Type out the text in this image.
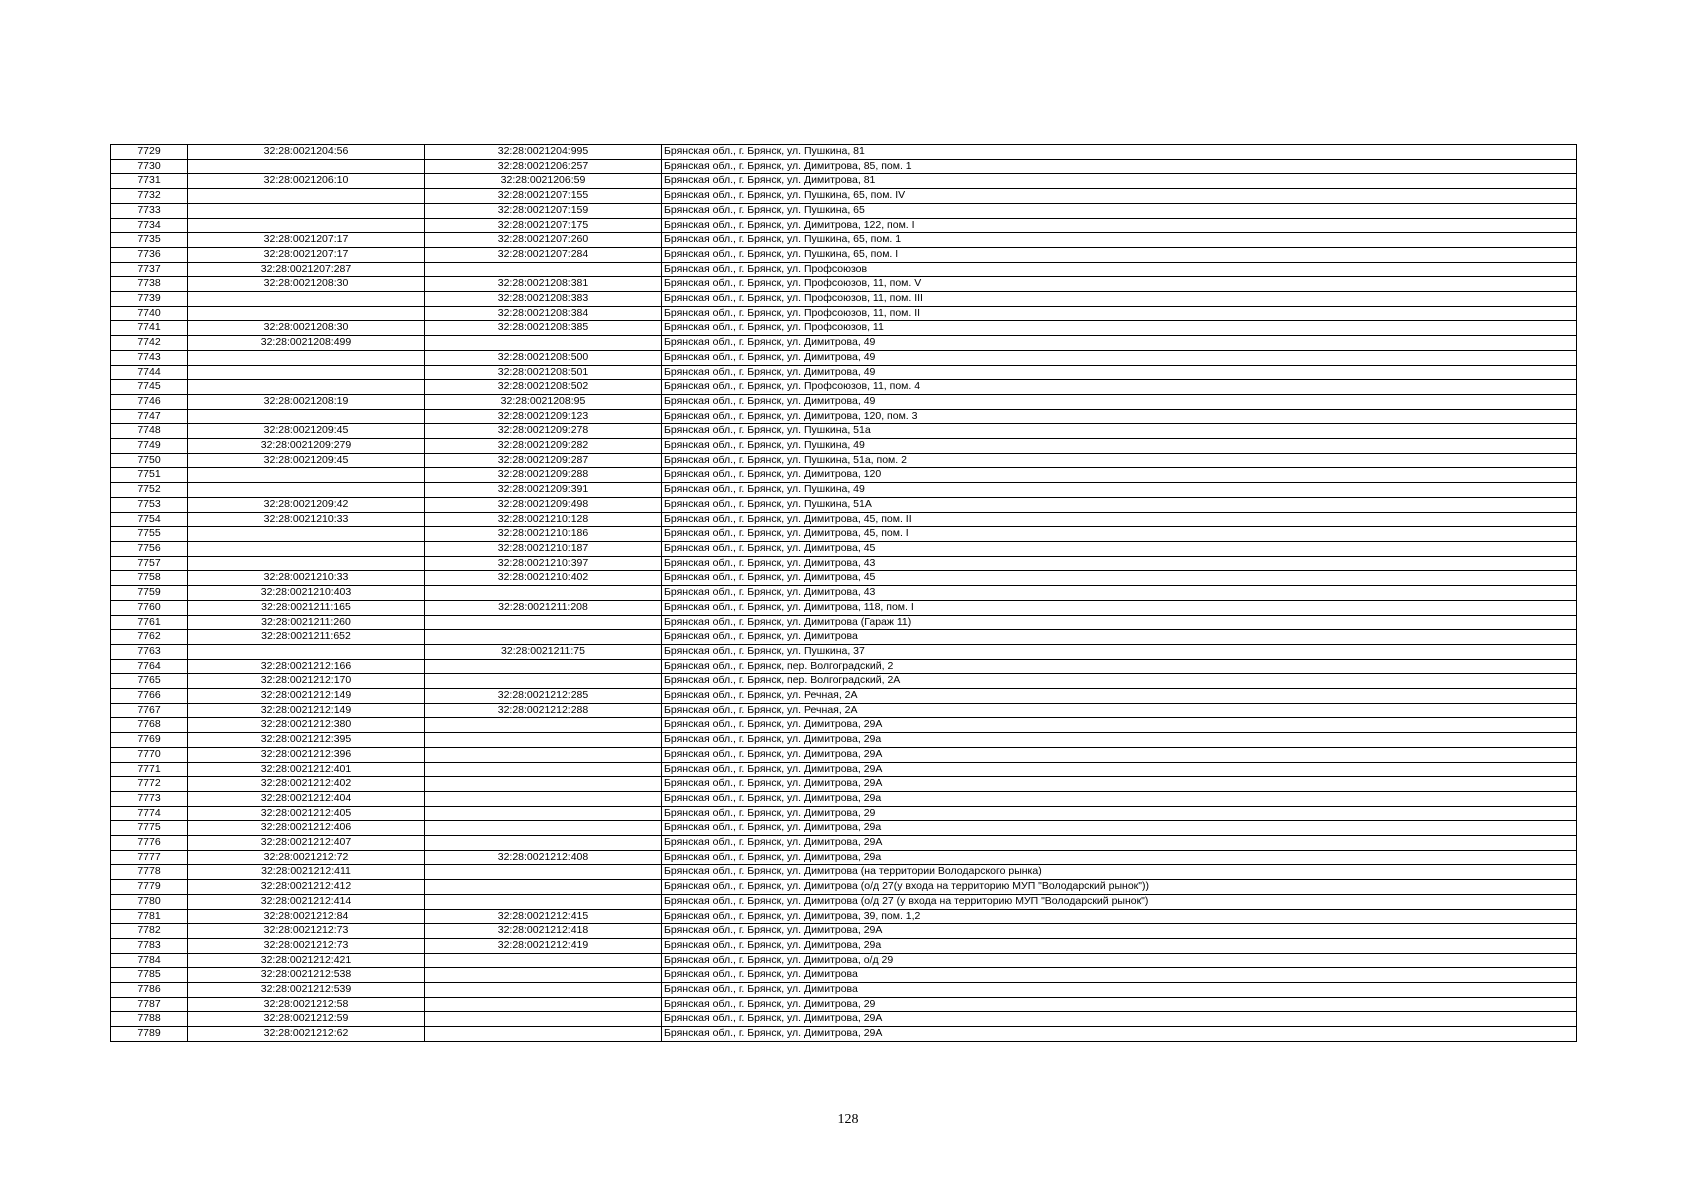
7729	32:28:0021204:56	32:28:0021204:995	Брянская обл., г. Брянск, ул. Пушкина, 81
7730		32:28:0021206:257	Брянская обл., г. Брянск, ул. Димитрова, 85, пом. 1
7731	32:28:0021206:10	32:28:0021206:59	Брянская обл., г. Брянск, ул. Димитрова, 81
7732		32:28:0021207:155	Брянская обл., г. Брянск, ул. Пушкина, 65, пом. IV
7733		32:28:0021207:159	Брянская обл., г. Брянск, ул. Пушкина, 65
7734		32:28:0021207:175	Брянская обл., г. Брянск, ул. Димитрова, 122, пом. I
7735	32:28:0021207:17	32:28:0021207:260	Брянская обл., г. Брянск, ул. Пушкина, 65, пом. 1
7736	32:28:0021207:17	32:28:0021207:284	Брянская обл., г. Брянск, ул. Пушкина, 65, пом. I
7737	32:28:0021207:287		Брянская обл., г. Брянск, ул. Профсоюзов
7738	32:28:0021208:30	32:28:0021208:381	Брянская обл., г. Брянск, ул. Профсоюзов, 11, пом. V
7739		32:28:0021208:383	Брянская обл., г. Брянск, ул. Профсоюзов, 11, пом. III
7740		32:28:0021208:384	Брянская обл., г. Брянск, ул. Профсоюзов, 11, пом. II
7741	32:28:0021208:30	32:28:0021208:385	Брянская обл., г. Брянск, ул. Профсоюзов, 11
7742	32:28:0021208:499		Брянская обл., г. Брянск, ул. Димитрова, 49
7743		32:28:0021208:500	Брянская обл., г. Брянск, ул. Димитрова, 49
7744		32:28:0021208:501	Брянская обл., г. Брянск, ул. Димитрова, 49
7745		32:28:0021208:502	Брянская обл., г. Брянск, ул. Профсоюзов, 11, пом. 4
7746	32:28:0021208:19	32:28:0021208:95	Брянская обл., г. Брянск, ул. Димитрова, 49
7747		32:28:0021209:123	Брянская обл., г. Брянск, ул. Димитрова, 120, пом. 3
7748	32:28:0021209:45	32:28:0021209:278	Брянская обл., г. Брянск, ул. Пушкина, 51а
7749	32:28:0021209:279	32:28:0021209:282	Брянская обл., г. Брянск, ул. Пушкина, 49
7750	32:28:0021209:45	32:28:0021209:287	Брянская обл., г. Брянск, ул. Пушкина, 51а, пом. 2
7751		32:28:0021209:288	Брянская обл., г. Брянск, ул. Димитрова, 120
7752		32:28:0021209:391	Брянская обл., г. Брянск, ул. Пушкина, 49
7753	32:28:0021209:42	32:28:0021209:498	Брянская обл., г. Брянск, ул. Пушкина, 51А
7754	32:28:0021210:33	32:28:0021210:128	Брянская обл., г. Брянск, ул. Димитрова, 45, пом. II
7755		32:28:0021210:186	Брянская обл., г. Брянск, ул. Димитрова, 45, пом. I
7756		32:28:0021210:187	Брянская обл., г. Брянск, ул. Димитрова, 45
7757		32:28:0021210:397	Брянская обл., г. Брянск, ул. Димитрова, 43
7758	32:28:0021210:33	32:28:0021210:402	Брянская обл., г. Брянск, ул. Димитрова, 45
7759	32:28:0021210:403		Брянская обл., г. Брянск, ул. Димитрова, 43
7760	32:28:0021211:165	32:28:0021211:208	Брянская обл., г. Брянск, ул. Димитрова, 118, пом. I
7761	32:28:0021211:260		Брянская обл., г. Брянск, ул. Димитрова (Гараж 11)
7762	32:28:0021211:652		Брянская обл., г. Брянск, ул. Димитрова
7763		32:28:0021211:75	Брянская обл., г. Брянск, ул. Пушкина, 37
7764	32:28:0021212:166		Брянская обл., г. Брянск, пер. Волгоградский, 2
7765	32:28:0021212:170		Брянская обл., г. Брянск, пер. Волгоградский, 2А
7766	32:28:0021212:149	32:28:0021212:285	Брянская обл., г. Брянск, ул. Речная, 2А
7767	32:28:0021212:149	32:28:0021212:288	Брянская обл., г. Брянск, ул. Речная, 2А
7768	32:28:0021212:380		Брянская обл., г. Брянск, ул. Димитрова, 29А
7769	32:28:0021212:395		Брянская обл., г. Брянск, ул. Димитрова, 29а
7770	32:28:0021212:396		Брянская обл., г. Брянск, ул. Димитрова, 29А
7771	32:28:0021212:401		Брянская обл., г. Брянск, ул. Димитрова, 29А
7772	32:28:0021212:402		Брянская обл., г. Брянск, ул. Димитрова, 29А
7773	32:28:0021212:404		Брянская обл., г. Брянск, ул. Димитрова, 29а
7774	32:28:0021212:405		Брянская обл., г. Брянск, ул. Димитрова, 29
7775	32:28:0021212:406		Брянская обл., г. Брянск, ул. Димитрова, 29а
7776	32:28:0021212:407		Брянская обл., г. Брянск, ул. Димитрова, 29А
7777	32:28:0021212:72	32:28:0021212:408	Брянская обл., г. Брянск, ул. Димитрова, 29а
7778	32:28:0021212:411		Брянская обл., г. Брянск, ул. Димитрова (на территории Володарского рынка)
7779	32:28:0021212:412		Брянская обл., г. Брянск, ул. Димитрова (о/д 27(у входа на территорию МУП "Володарский рынок"))
7780	32:28:0021212:414		Брянская обл., г. Брянск, ул. Димитрова (о/д 27 (у входа на территорию МУП "Володарский рынок")
7781	32:28:0021212:84	32:28:0021212:415	Брянская обл., г. Брянск, ул. Димитрова, 39, пом. 1,2
7782	32:28:0021212:73	32:28:0021212:418	Брянская обл., г. Брянск, ул. Димитрова, 29А
7783	32:28:0021212:73	32:28:0021212:419	Брянская обл., г. Брянск, ул. Димитрова, 29а
7784	32:28:0021212:421		Брянская обл., г. Брянск, ул. Димитрова, о/д 29
7785	32:28:0021212:538		Брянская обл., г. Брянск, ул. Димитрова
7786	32:28:0021212:539		Брянская обл., г. Брянск, ул. Димитрова
7787	32:28:0021212:58		Брянская обл., г. Брянск, ул. Димитрова, 29
7788	32:28:0021212:59		Брянская обл., г. Брянск, ул. Димитрова, 29А
7789	32:28:0021212:62		Брянская обл., г. Брянск, ул. Димитрова, 29А
128
